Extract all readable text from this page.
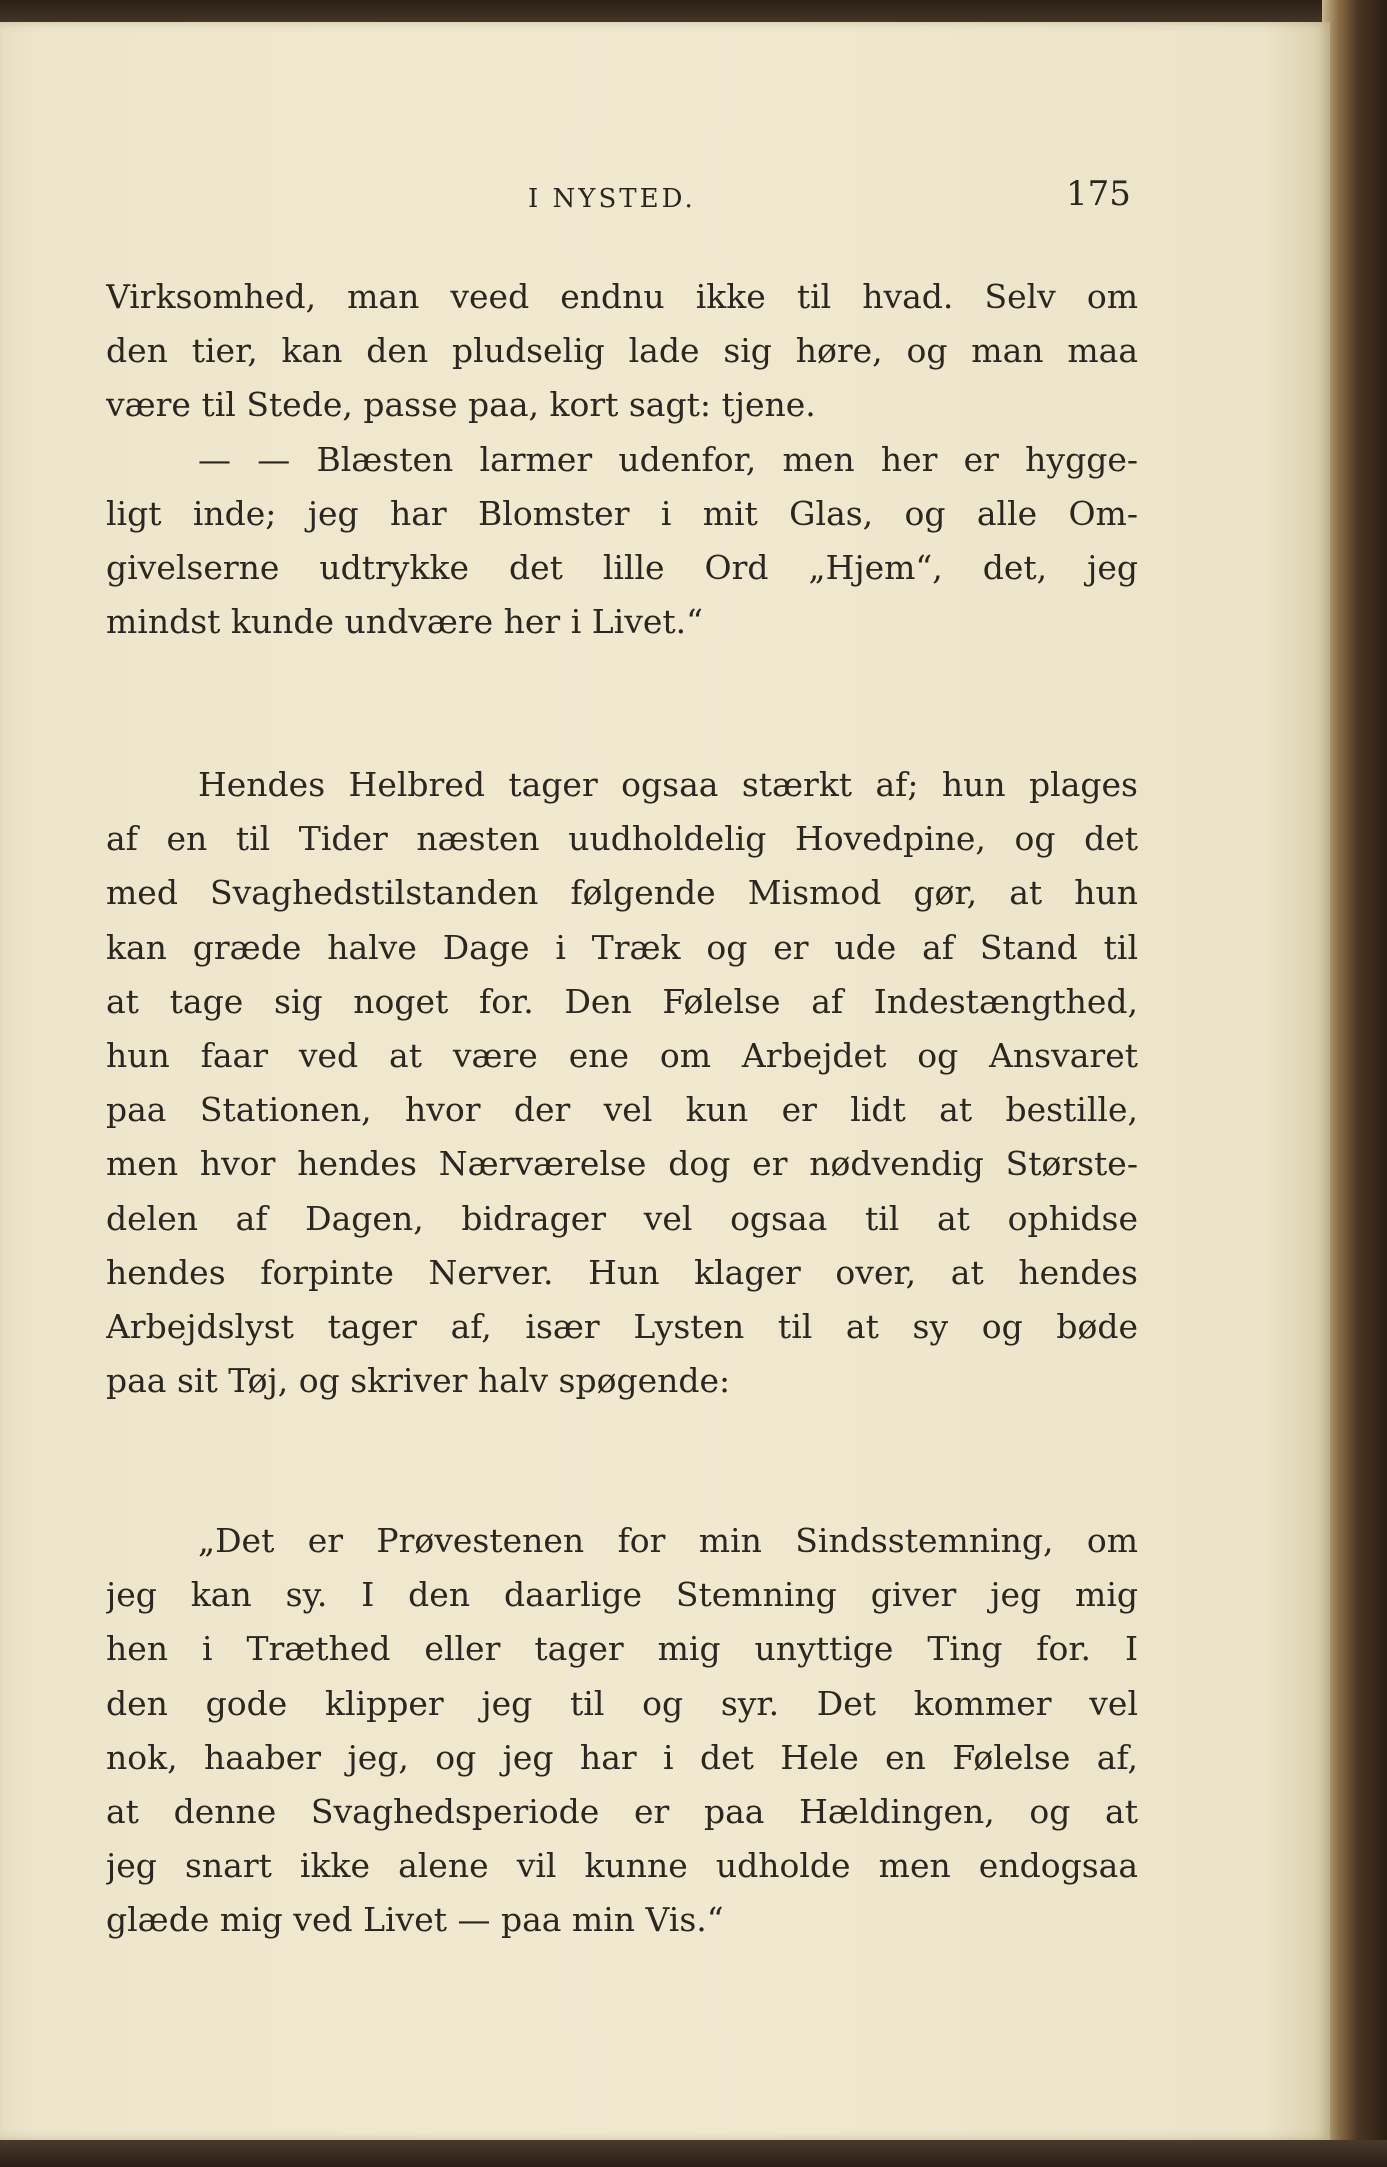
I NYSTED.	175
Virksomhed, man veed endnu ikke til hvad. Selv om
den tier, kan den pludselig lade sig høre, og man maa
være til Stede, passe paa, kort sagt: tjene.
— — Blæsten larmer udenfor, men her er hygge-
ligt inde; jeg har Blomster i mit Glas, og alle Om-
givelserne udtrykke det lille Ord „Hjem“, det, jeg
mindst kunde undvære her i Livet.“
Hendes Helbred tager ogsaa stærkt af; hun plages
af en til Tider næsten uudholdelig Hovedpine, og det
med Svaghedstilstanden følgende Mismod gør, at hun
kan græde halve Dage i Træk og er ude af Stand til
at tage sig noget for. Den Følelse af Indestængthed,
hun faar ved at være ene om Arbejdet og Ansvaret
paa Stationen, hvor der vel kun er lidt at bestille,
men hvor hendes Nærværelse dog er nødvendig Største-
delen af Dagen, bidrager vel ogsaa til at ophidse
hendes forpinte Nerver. Hun klager over, at hendes
Arbejdslyst tager af, især Lysten til at sy og bøde
paa sit Tøj, og skriver halv spøgende:
„Det er Prøvestenen for min Sindsstemning, om
jeg kan sy. I den daarlige Stemning giver jeg mig
hen i Træthed eller tager mig unyttige Ting for. I
den gode klipper jeg til og syr. Det kommer vel
nok, haaber jeg, og jeg har i det Hele en Følelse af,
at denne Svaghedsperiode er paa Hældingen, og at
jeg snart ikke alene vil kunne udholde men endogsaa
glæde mig ved Livet — paa min Vis.“
